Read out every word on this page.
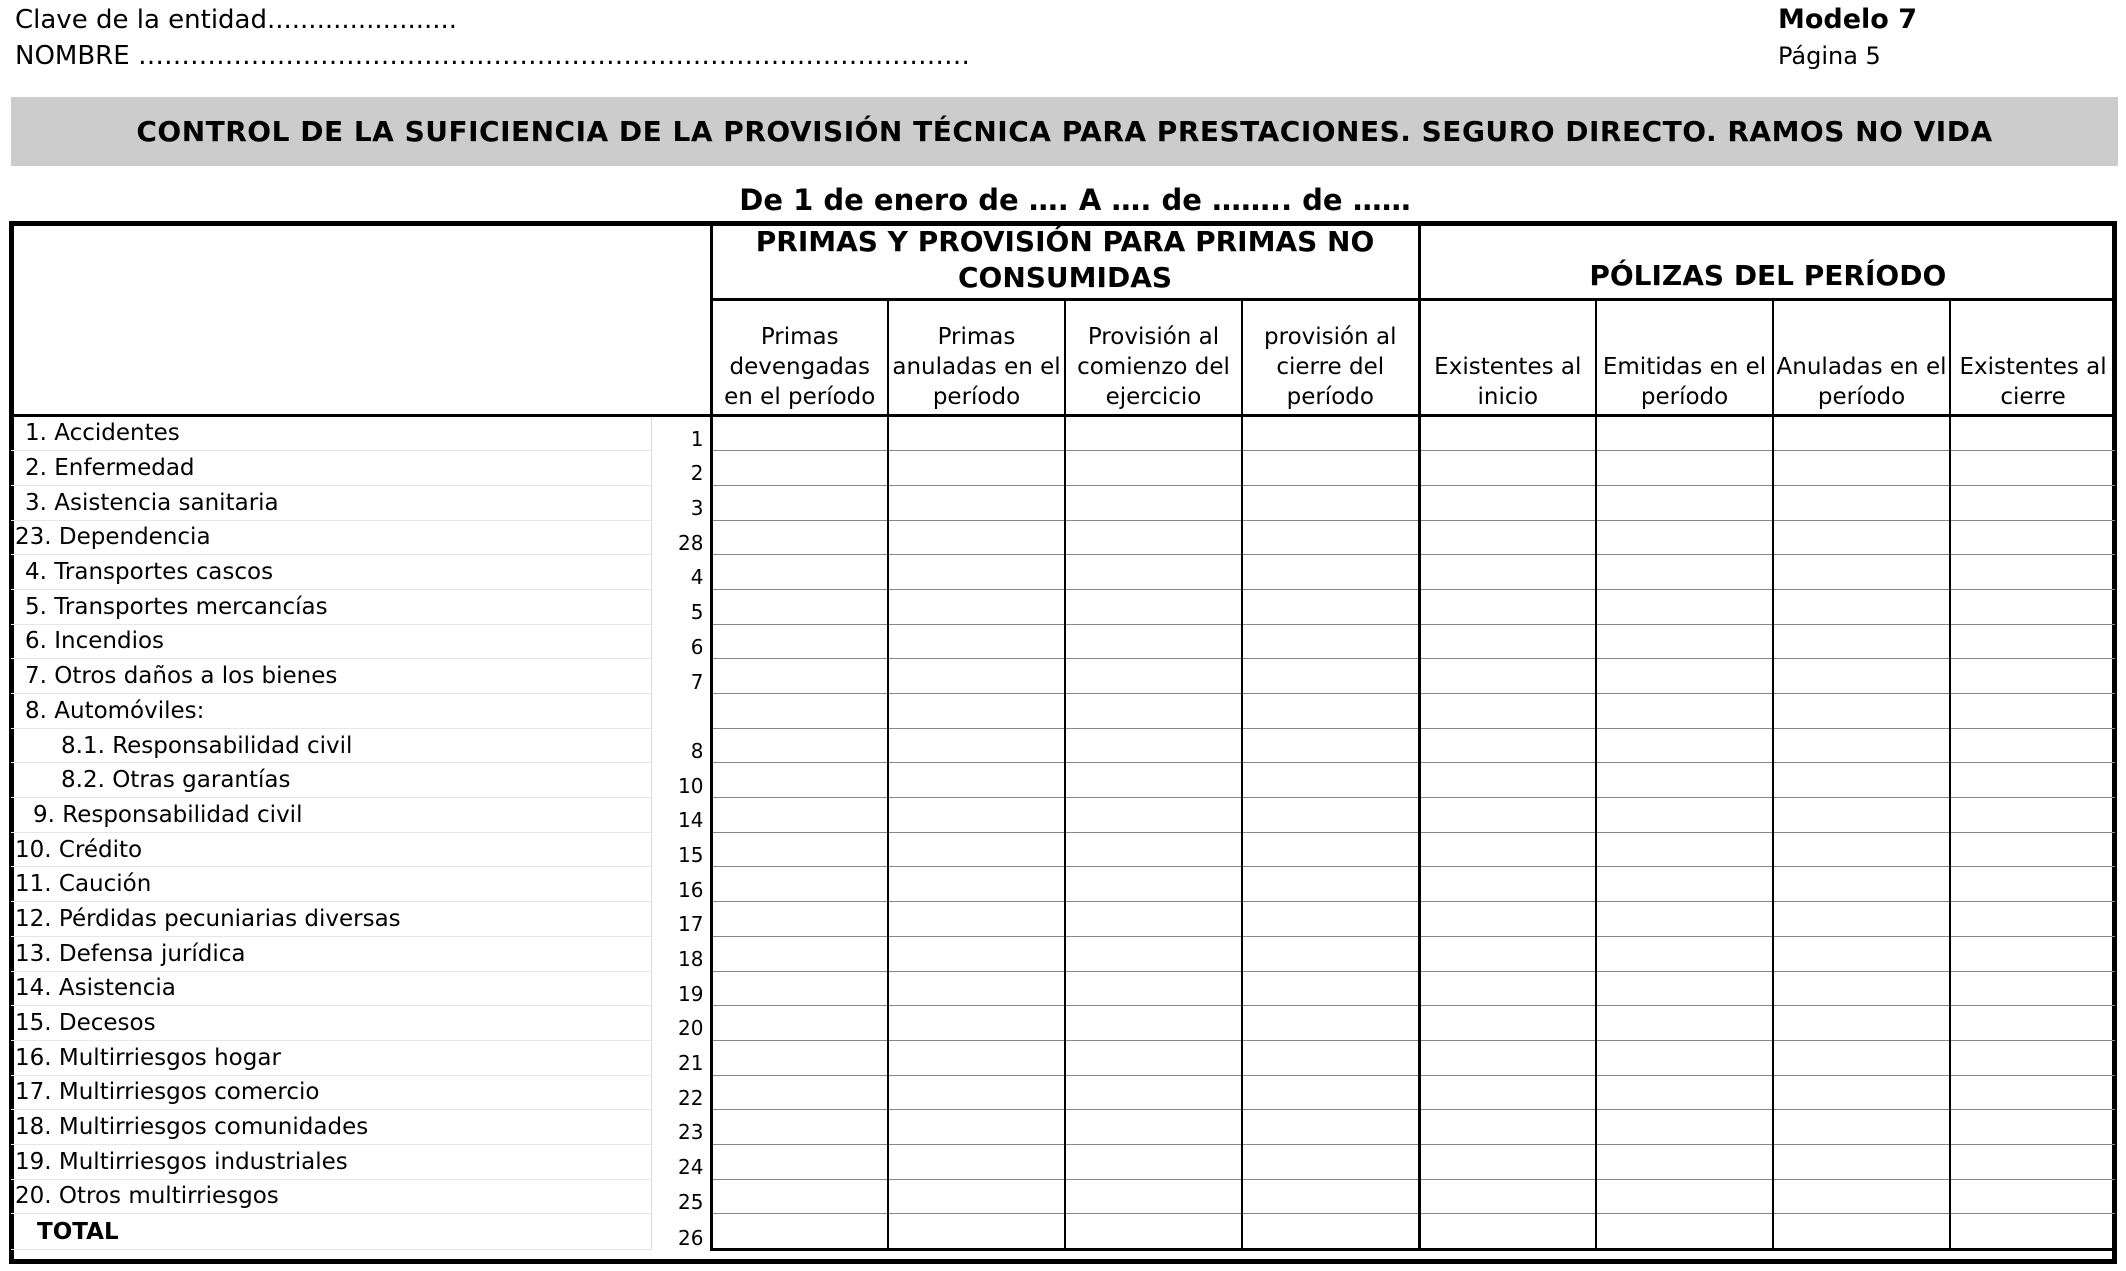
Clave de la entidad.......................
NOMBRE ……………………………………………………………………………………
Modelo 7
Página 5
CONTROL DE LA SUFICIENCIA DE LA PROVISIÓN TÉCNICA PARA PRESTACIONES. SEGURO DIRECTO. RAMOS NO VIDA
De 1 de enero de …. A …. de …….. de ……
		PRIMAS Y PROVISIÓN PARA PRIMAS NO CONSUMIDAS				PÓLIZAS DEL PERÍODO			
		Primas devengadas en el período	Primas anuladas en el período	Provisión al comienzo del ejercicio	provisión al cierre del período	Existentes al inicio	Emitidas en el período	Anuladas en el período	Existentes al cierre
1. Accidentes	1								
2. Enfermedad	2								
3. Asistencia sanitaria	3								
23. Dependencia	28								
4. Transportes cascos	4								
5. Transportes mercancías	5								
6. Incendios	6								
7. Otros daños a los bienes	7								
8. Automóviles:									
8.1. Responsabilidad civil	8								
8.2. Otras garantías	10								
9. Responsabilidad civil	14								
10. Crédito	15								
11. Caución	16								
12. Pérdidas pecuniarias diversas	17								
13. Defensa jurídica	18								
14. Asistencia	19								
15. Decesos	20								
16. Multirriesgos hogar	21								
17. Multirriesgos comercio	22								
18. Multirriesgos comunidades	23								
19. Multirriesgos industriales	24								
20. Otros multirriesgos	25								
TOTAL	26								
